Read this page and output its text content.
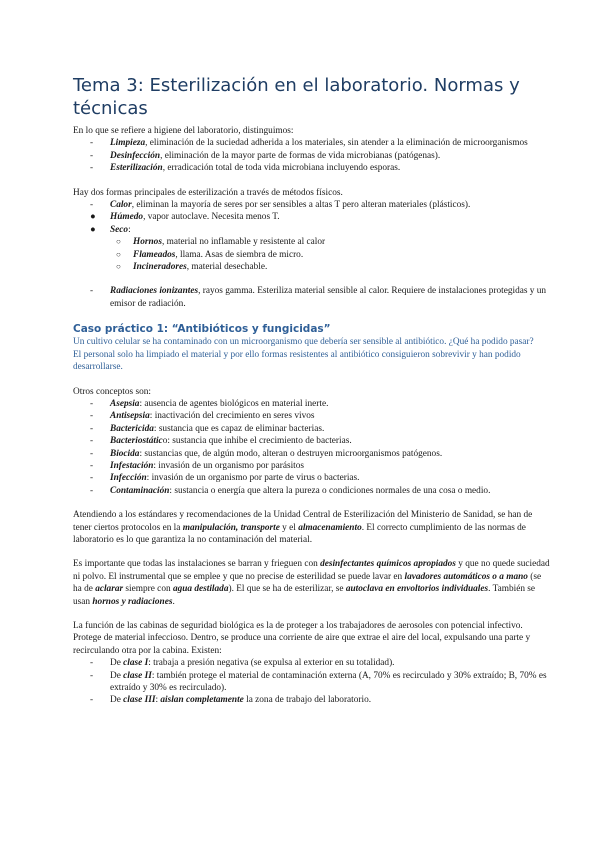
Tema 3: Esterilización en el laboratorio. Normas y técnicas

En lo que se refiere a higiene del laboratorio, distinguimos:

- Limpieza, eliminación de la suciedad adherida a los materiales, sin atender a la eliminación de microorganismos
- Desinfección, eliminación de la mayor parte de formas de vida microbianas (patógenas).
- Esterilización, erradicación total de toda vida microbiana incluyendo esporas.

Hay dos formas principales de esterilización a través de métodos físicos.

- Calor, eliminan la mayoría de seres por ser sensibles a altas T pero alteran materiales (plásticos).
● Húmedo, vapor autoclave. Necesita menos T.
● Seco:
○ Hornos, material no inflamable y resistente al calor
○ Flameados, llama. Asas de siembra de micro.
○ Incineradores, material desechable.
- Radiaciones ionizantes, rayos gamma. Esteriliza material sensible al calor. Requiere de instalaciones protegidas y un emisor de radiación.

Caso práctico 1: “Antibióticos y fungicidas”

Un cultivo celular se ha contaminado con un microorganismo que debería ser sensible al antibiótico. ¿Qué ha podido pasar?

El personal solo ha limpiado el material y por ello formas resistentes al antibiótico consiguieron sobrevivir y han podido desarrollarse.

Otros conceptos son:

- Asepsia: ausencia de agentes biológicos en material inerte.
- Antisepsia: inactivación del crecimiento en seres vivos
- Bactericida: sustancia que es capaz de eliminar bacterias.
- Bacteriostático: sustancia que inhibe el crecimiento de bacterias.
- Biocida: sustancias que, de algún modo, alteran o destruyen microorganismos patógenos.
- Infestación: invasión de un organismo por parásitos
- Infección: invasión de un organismo por parte de virus o bacterias.
- Contaminación: sustancia o energía que altera la pureza o condiciones normales de una cosa o medio.

Atendiendo a los estándares y recomendaciones de la Unidad Central de Esterilización del Ministerio de Sanidad, se han de tener ciertos protocolos en la manipulación, transporte y el almacenamiento. El correcto cumplimiento de las normas de laboratorio es lo que garantiza la no contaminación del material.

Es importante que todas las instalaciones se barran y frieguen con desinfectantes químicos apropiados y que no quede suciedad ni polvo. El instrumental que se emplee y que no precise de esterilidad se puede lavar en lavadores automáticos o a mano (se ha de aclarar siempre con agua destilada). El que se ha de esterilizar, se autoclava en envoltorios individuales. También se usan hornos y radiaciones.

La función de las cabinas de seguridad biológica es la de proteger a los trabajadores de aerosoles con potencial infectivo. Protege de material infeccioso. Dentro, se produce una corriente de aire que extrae el aire del local, expulsando una parte y recirculando otra por la cabina. Existen:

- De clase I: trabaja a presión negativa (se expulsa al exterior en su totalidad).
- De clase II: también protege el material de contaminación externa (A, 70% es recirculado y 30% extraído; B, 70% es extraído y 30% es recirculado).
- De clase III: aislan completamente la zona de trabajo del laboratorio.
